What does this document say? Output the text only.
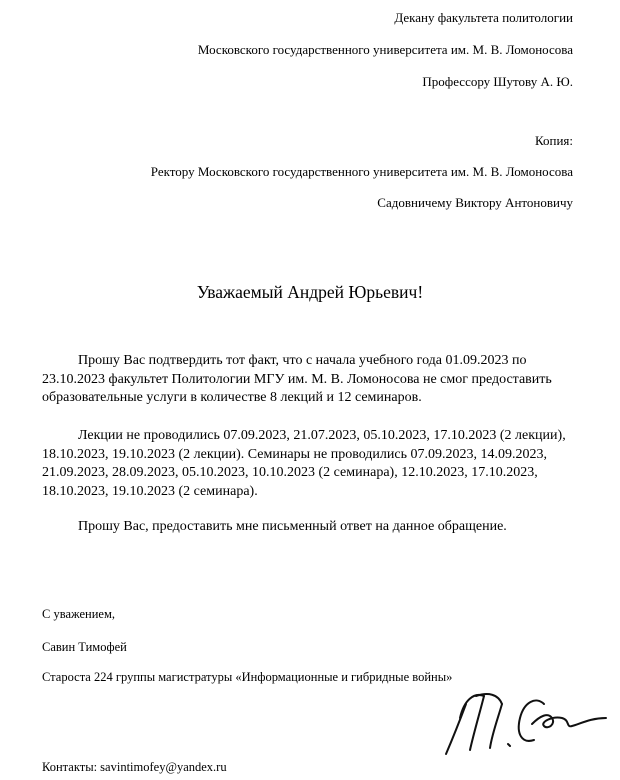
Декану факультета политологии
Московского государственного университета им. М. В. Ломоносова
Профессору Шутову А. Ю.
Копия:
Ректору Московского государственного университета им. М. В. Ломоносова
Садовничему Виктору Антоновичу
Уважаемый Андрей Юрьевич!

Прошу Вас подтвердить тот факт, что с начала учебного года 01.09.2023 по 23.10.2023 факультет Политологии МГУ им. М. В. Ломоносова не смог предоставить образовательные услуги в количестве 8 лекций и 12 семинаров.

Лекции не проводились 07.09.2023, 21.07.2023, 05.10.2023, 17.10.2023 (2 лекции), 18.10.2023, 19.10.2023 (2 лекции). Семинары не проводились 07.09.2023, 14.09.2023, 21.09.2023, 28.09.2023, 05.10.2023, 10.10.2023 (2 семинара), 12.10.2023, 17.10.2023, 18.10.2023, 19.10.2023 (2 семинара).

Прошу Вас, предоставить мне письменный ответ на данное обращение.

С уважением,
Савин Тимофей
Староста 224 группы магистратуры «Информационные и гибридные войны»
Контакты: savintimofey@yandex.ru
